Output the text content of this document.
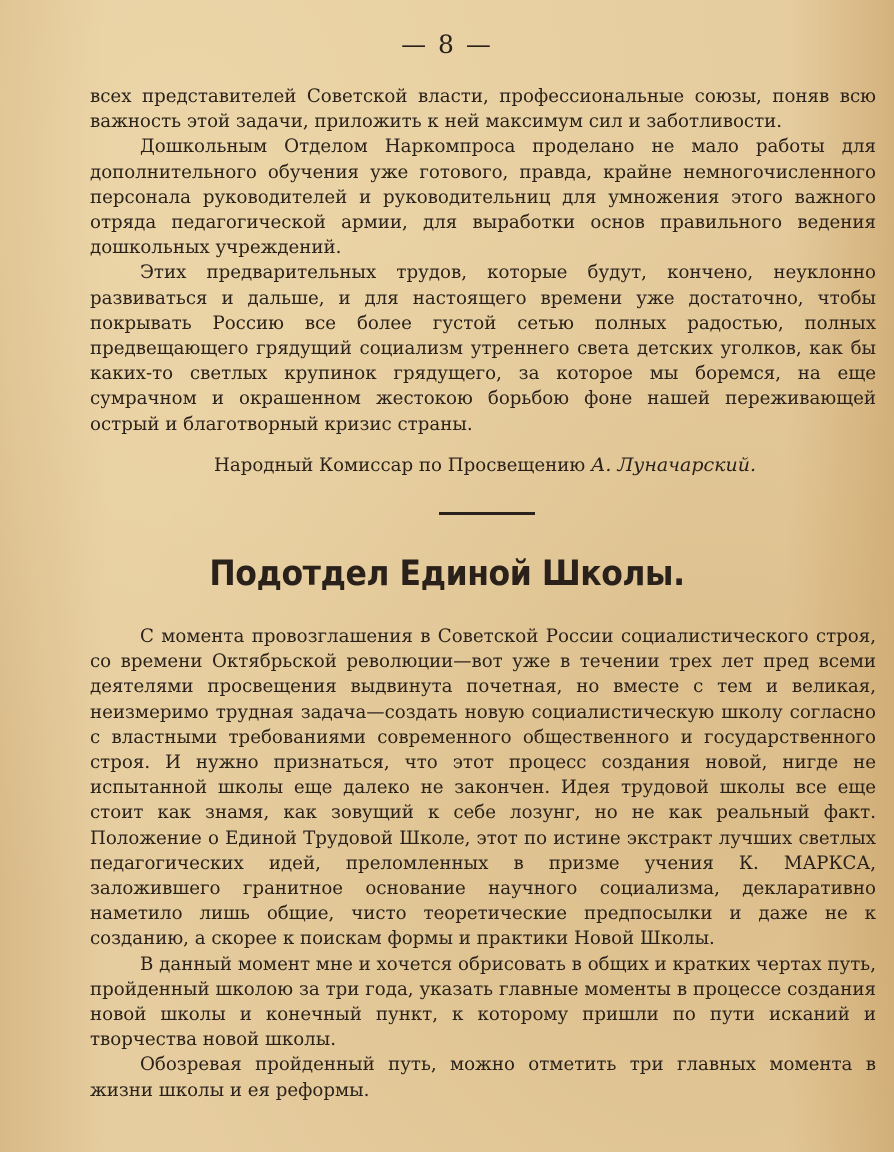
— 8 —

всех представителей Советской власти, профессиональные союзы, поняв всю важность этой задачи, приложить к ней максимум сил и заботливости.

Дошкольным Отделом Наркомпроса проделано не мало работы для дополнительного обучения уже готового, правда, крайне немногочисленного персонала руководителей и руководительниц для умножения этого важного отряда педагогической армии, для выработки основ правильного ведения дошкольных учреждений.

Этих предварительных трудов, которые будут, кончено, неуклонно развиваться и дальше, и для настоящего времени уже достаточно, чтобы покрывать Россию все более густой сетью полных радостью, полных предвещающего грядущий социализм утреннего света детских уголков, как бы каких-то светлых крупинок грядущего, за которое мы боремся, на еще сумрачном и окрашенном жестокою борьбою фоне нашей переживающей острый и благотворный кризис страны.

Народный Комиссар по Просвещению А. Луначарский.
Подотдел Единой Школы.

С момента провозглашения в Советской России социалистического строя, со времени Октябрьской революции—вот уже в течении трех лет пред всеми деятелями просвещения выдвинута почетная, но вместе с тем и великая, неизмеримо трудная задача—создать новую социалистическую школу согласно с властными требованиями современного общественного и государственного строя. И нужно признаться, что этот процесс создания новой, нигде не испытанной школы еще далеко не закончен. Идея трудовой школы все еще стоит как знамя, как зовущий к себе лозунг, но не как реальный факт. Положение о Единой Трудовой Школе, этот по истине экстракт лучших светлых педагогических идей, преломленных в призме учения К. МАРКСА, заложившего гранитное основание научного социализма, декларативно наметило лишь общие, чисто теоретические предпосылки и даже не к созданию, а скорее к поискам формы и практики Новой Школы.

В данный момент мне и хочется обрисовать в общих и кратких чертах путь, пройденный школою за три года, указать главные моменты в процессе создания новой школы и конечный пункт, к которому пришли по пути исканий и творчества новой школы.

Обозревая пройденный путь, можно отметить три главных момента в жизни школы и ея реформы.
